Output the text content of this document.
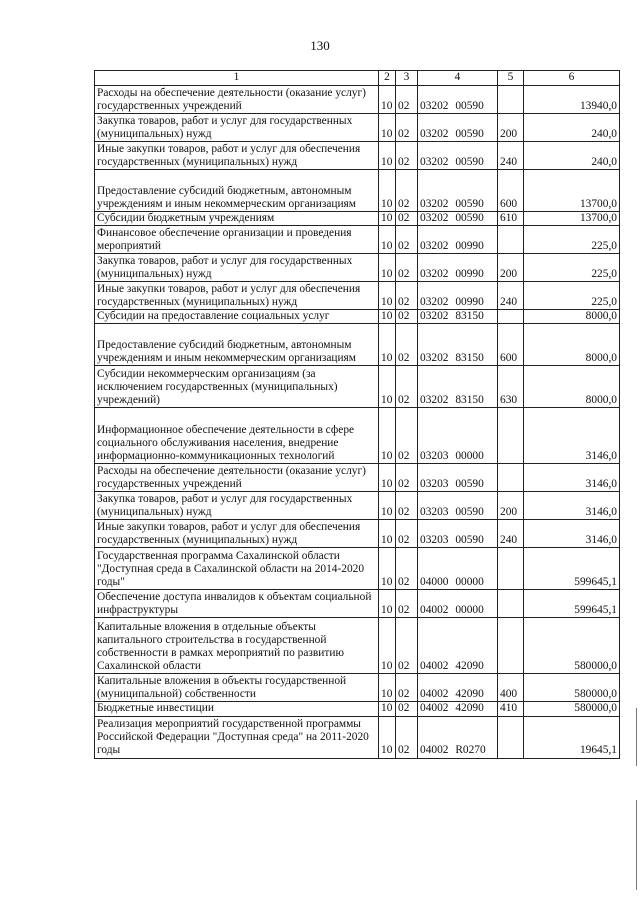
130
1	2	3	4	5	6
Расходы на обеспечение деятельности (оказание услуг) государственных учреждений	10	02	03202 00590		13940,0
Закупка товаров, работ и услуг для государственных (муниципальных) нужд	10	02	03202 00590	200	240,0
Иные закупки товаров, работ и услуг для обеспечения государственных (муниципальных) нужд	10	02	03202 00590	240	240,0
Предоставление субсидий бюджетным, автономным учреждениям и иным некоммерческим организациям	10	02	03202 00590	600	13700,0
Субсидии бюджетным учреждениям	10	02	03202 00590	610	13700,0
Финансовое обеспечение организации и проведения мероприятий	10	02	03202 00990		225,0
Закупка товаров, работ и услуг для государственных (муниципальных) нужд	10	02	03202 00990	200	225,0
Иные закупки товаров, работ и услуг для обеспечения государственных (муниципальных) нужд	10	02	03202 00990	240	225,0
Субсидии на предоставление социальных услуг	10	02	03202 83150		8000,0
Предоставление субсидий бюджетным, автономным учреждениям и иным некоммерческим организациям	10	02	03202 83150	600	8000,0
Субсидии некоммерческим организациям (за исключением государственных (муниципальных) учреждений)	10	02	03202 83150	630	8000,0
Информационное обеспечение деятельности в сфере социального обслуживания населения, внедрение информационно-коммуникационных технологий	10	02	03203 00000		3146,0
Расходы на обеспечение деятельности (оказание услуг) государственных учреждений	10	02	03203 00590		3146,0
Закупка товаров, работ и услуг для государственных (муниципальных) нужд	10	02	03203 00590	200	3146,0
Иные закупки товаров, работ и услуг для обеспечения государственных (муниципальных) нужд	10	02	03203 00590	240	3146,0
Государственная программа Сахалинской области "Доступная среда в Сахалинской области на 2014-2020 годы"	10	02	04000 00000		599645,1
Обеспечение доступа инвалидов к объектам социальной инфраструктуры	10	02	04002 00000		599645,1
Капитальные вложения в отдельные объекты капитального строительства в государственной собственности в рамках мероприятий по развитию Сахалинской области	10	02	04002 42090		580000,0
Капитальные вложения в объекты государственной (муниципальной) собственности	10	02	04002 42090	400	580000,0
Бюджетные инвестиции	10	02	04002 42090	410	580000,0
Реализация мероприятий государственной программы Российской Федерации "Доступная среда" на 2011-2020 годы	10	02	04002 R0270		19645,1
